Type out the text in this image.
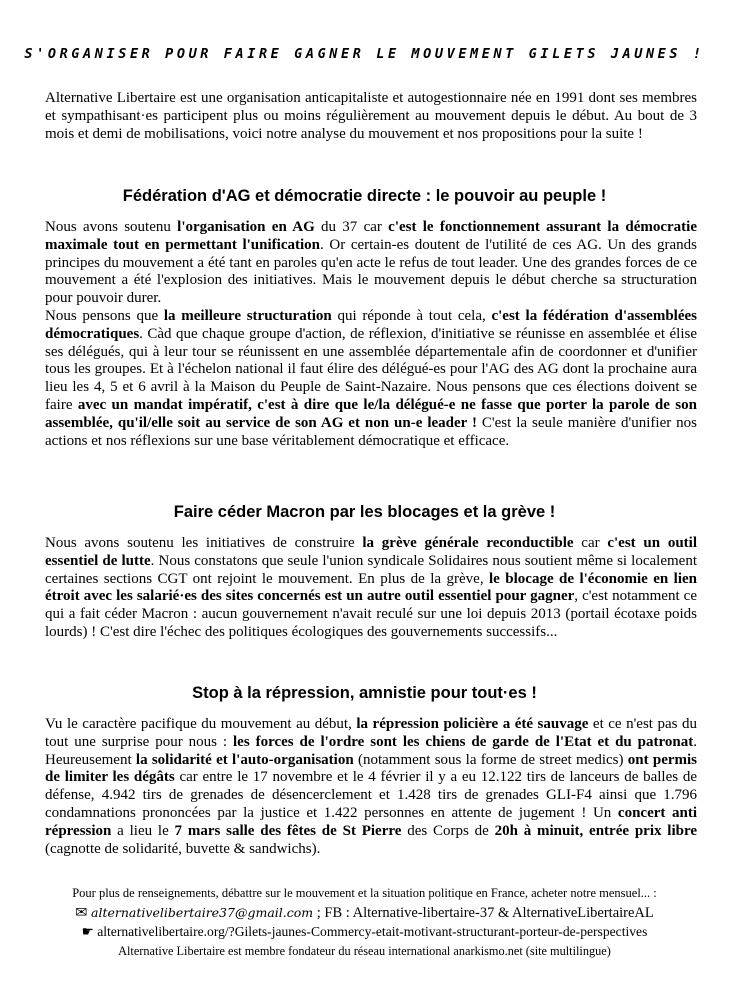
S'ORGANISER POUR FAIRE GAGNER LE MOUVEMENT GILETS JAUNES !

Alternative Libertaire est une organisation anticapitaliste et autogestionnaire née en 1991 dont ses membres et sympathisant·es participent plus ou moins régulièrement au mouvement depuis le début. Au bout de 3 mois et demi de mobilisations, voici notre analyse du mouvement et nos propositions pour la suite !

Fédération d'AG et démocratie directe : le pouvoir au peuple !

Nous avons soutenu l'organisation en AG du 37 car c'est le fonctionnement assurant la démocratie maximale tout en permettant l'unification. Or certain-es doutent de l'utilité de ces AG. Un des grands principes du mouvement a été tant en paroles qu'en acte le refus de tout leader. Une des grandes forces de ce mouvement a été l'explosion des initiatives. Mais le mouvement depuis le début cherche sa structuration pour pouvoir durer.

Nous pensons que la meilleure structuration qui réponde à tout cela, c'est la fédération d'assemblées démocratiques. Càd que chaque groupe d'action, de réflexion, d'initiative se réunisse en assemblée et élise ses délégués, qui à leur tour se réunissent en une assemblée départementale afin de coordonner et d'unifier tous les groupes. Et à l'échelon national il faut élire des délégué-es pour l'AG des AG dont la prochaine aura lieu les 4, 5 et 6 avril à la Maison du Peuple de Saint-Nazaire. Nous pensons que ces élections doivent se faire avec un mandat impératif, c'est à dire que le/la délégué-e ne fasse que porter la parole de son assemblée, qu'il/elle soit au service de son AG et non un-e leader ! C'est la seule manière d'unifier nos actions et nos réflexions sur une base véritablement démocratique et efficace.

Faire céder Macron par les blocages et la grève !

Nous avons soutenu les initiatives de construire la grève générale reconductible car c'est un outil essentiel de lutte. Nous constatons que seule l'union syndicale Solidaires nous soutient même si localement certaines sections CGT ont rejoint le mouvement. En plus de la grève, le blocage de l'économie en lien étroit avec les salarié·es des sites concernés est un autre outil essentiel pour gagner, c'est notamment ce qui a fait céder Macron : aucun gouvernement n'avait reculé sur une loi depuis 2013 (portail écotaxe poids lourds) ! C'est dire l'échec des politiques écologiques des gouvernements successifs...

Stop à la répression, amnistie pour tout·es !

Vu le caractère pacifique du mouvement au début, la répression policière a été sauvage et ce n'est pas du tout une surprise pour nous : les forces de l'ordre sont les chiens de garde de l'Etat et du patronat. Heureusement la solidarité et l'auto-organisation (notamment sous la forme de street medics) ont permis de limiter les dégâts car entre le 17 novembre et le 4 février il y a eu 12.122 tirs de lanceurs de balles de défense, 4.942 tirs de grenades de désencerclement et 1.428 tirs de grenades GLI-F4 ainsi que 1.796 condamnations prononcées par la justice et 1.422 personnes en attente de jugement ! Un concert anti répression a lieu le 7 mars salle des fêtes de St Pierre des Corps de 20h à minuit, entrée prix libre (cagnotte de solidarité, buvette & sandwichs).

Pour plus de renseignements, débattre sur le mouvement et la situation politique en France, acheter notre mensuel... :

✉ alternativelibertaire37@gmail.com ; FB : Alternative-libertaire-37 & AlternativeLibertaireAL

☛ alternativelibertaire.org/?Gilets-jaunes-Commercy-etait-motivant-structurant-porteur-de-perspectives

Alternative Libertaire est membre fondateur du réseau international anarkismo.net (site multilingue)
